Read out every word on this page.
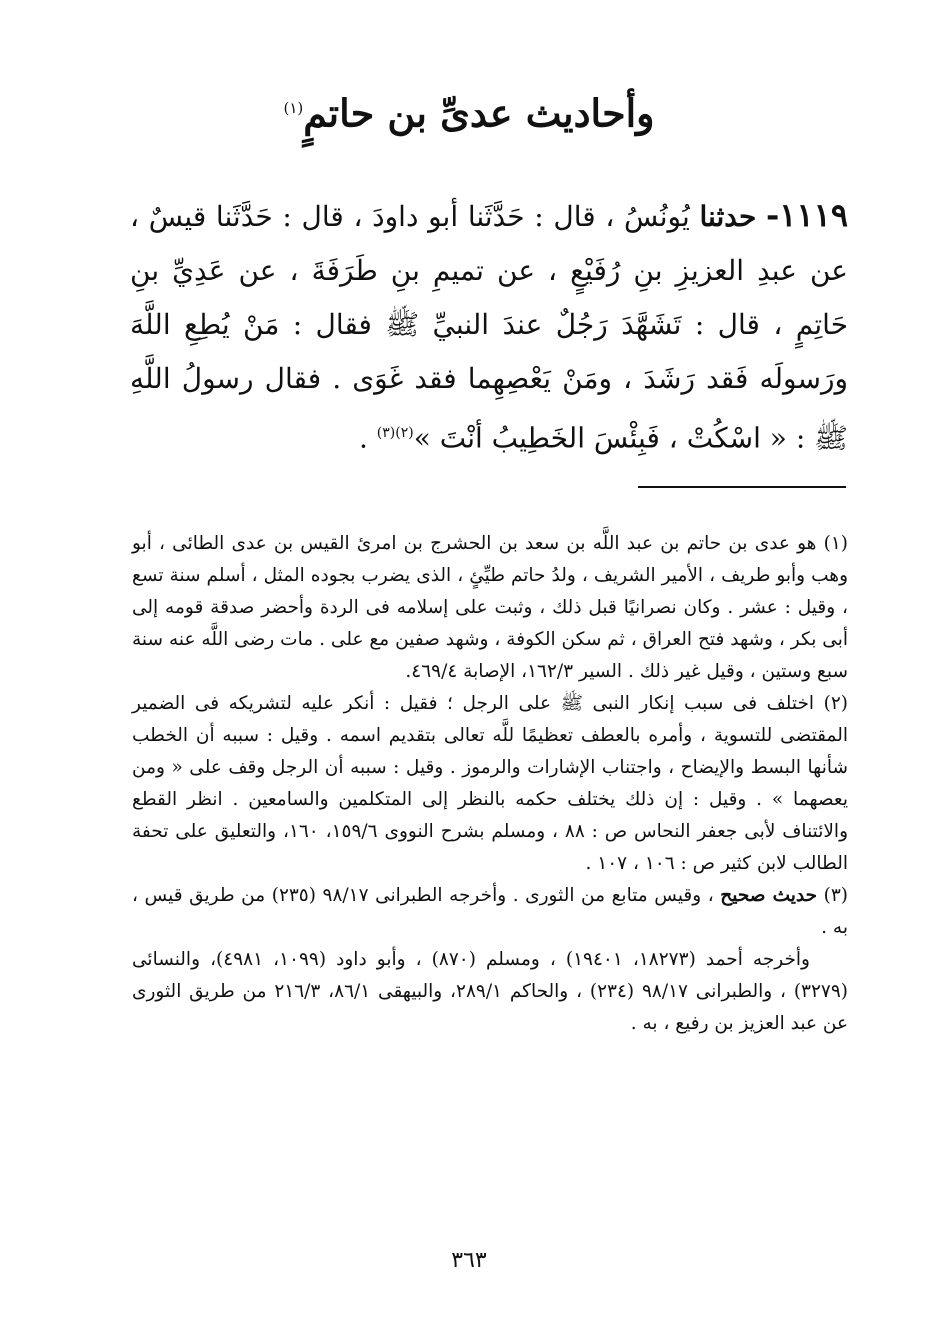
وأحاديث عدىِّ بن حاتمٍ$^{(١)}$
١١١٩- حدثنا يُونُسُ ، قال : حَدَّثَنا أبو داودَ ، قال : حَدَّثَنا قيسٌ ، عن عبدِ العزيزِ بنِ رُفَيْعٍ ، عن تميمِ بنِ طَرَفَةَ ، عن عَدِيِّ بنِ حَاتِمٍ ، قال : تَشَهَّدَ رَجُلٌ عندَ النبيِّ ﷺ فقال : مَنْ يُطِعِ اللَّهَ ورَسولَه فَقد رَشَدَ ، ومَنْ يَعْصِهِما فقد غَوَى . فقال رسولُ اللَّهِ ﷺ : « اسْكُتْ ، فَبِئْسَ الخَطِيبُ أنْتَ »$^{(٢)(٣)}$ .

(١) هو عدى بن حاتم بن عبد اللَّه بن سعد بن الحشرج بن امرئ القيس بن عدى الطائى ، أبو وهب وأبو طريف ، الأمير الشريف ، ولدُ حاتم طيِّئٍ ، الذى يضرب بجوده المثل ، أسلم سنة تسع ، وقيل : عشر . وكان نصرانيًا قبل ذلك ، وثبت على إسلامه فى الردة وأحضر صدقة قومه إلى أبى بكر ، وشهد فتح العراق ، ثم سكن الكوفة ، وشهد صفين مع على . مات رضى اللَّه عنه سنة سبع وستين ، وقيل غير ذلك . السير ١٦٢/٣، الإصابة ٤٦٩/٤.

(٢) اختلف فى سبب إنكار النبى ﷺ على الرجل ؛ فقيل : أنكر عليه لتشريكه فى الضمير المقتضى للتسوية ، وأمره بالعطف تعظيمًا للَّه تعالى بتقديم اسمه . وقيل : سببه أن الخطب شأنها البسط والإيضاح ، واجتناب الإشارات والرموز . وقيل : سببه أن الرجل وقف على « ومن يعصهما » . وقيل : إن ذلك يختلف حكمه بالنظر إلى المتكلمين والسامعين . انظر القطع والائتناف لأبى جعفر النحاس ص : ٨٨ ، ومسلم بشرح النووى ١٥٩/٦، ١٦٠، والتعليق على تحفة الطالب لابن كثير ص : ١٠٦ ، ١٠٧ .

(٣) حديث صحيح ، وقيس متابع من الثورى . وأخرجه الطبرانى ٩٨/١٧ (٢٣٥) من طريق قيس ، به .

وأخرجه أحمد (١٨٢٧٣، ١٩٤٠١) ، ومسلم (٨٧٠) ، وأبو داود (١٠٩٩، ٤٩٨١)، والنسائى (٣٢٧٩) ، والطبرانى ٩٨/١٧ (٢٣٤) ، والحاكم ٢٨٩/١، والبيهقى ٨٦/١، ٢١٦/٣ من طريق الثورى عن عبد العزيز بن رفيع ، به .

٣٦٣
